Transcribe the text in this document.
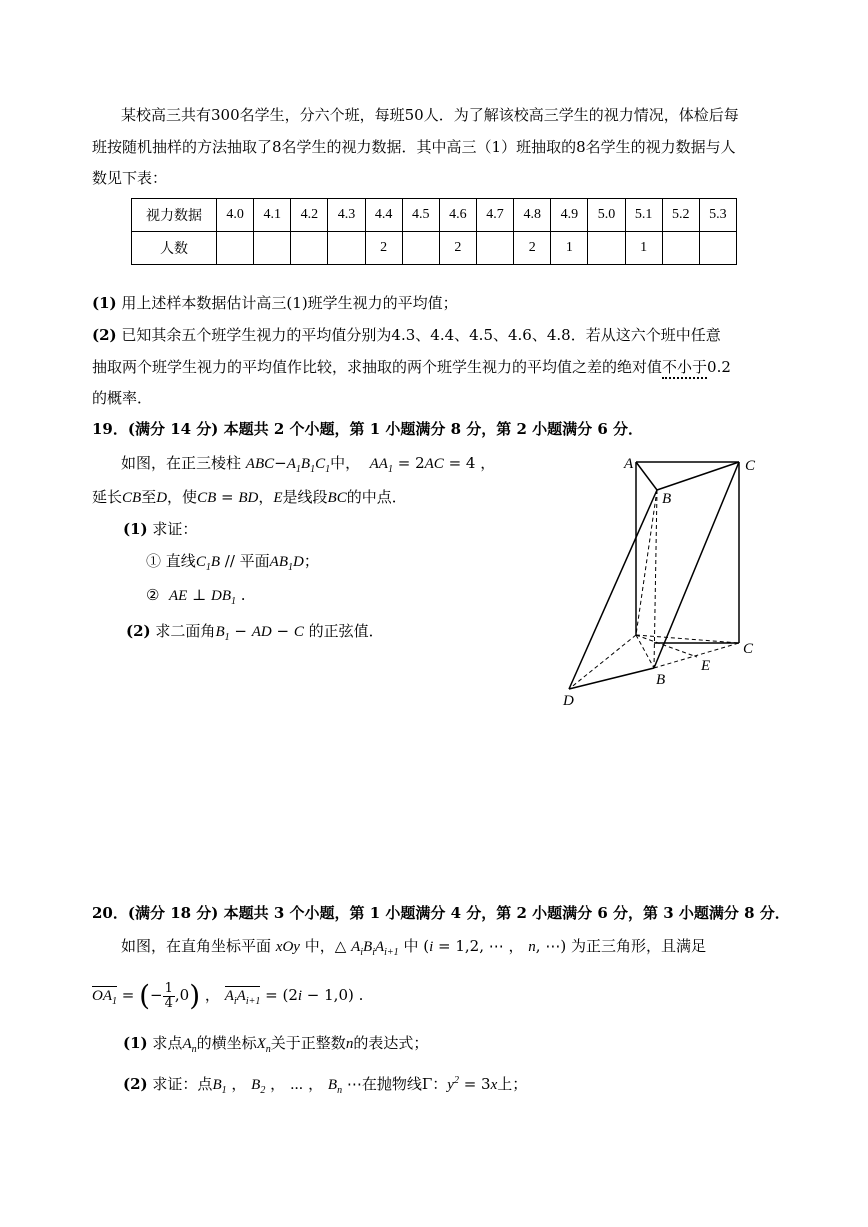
某校高三共有300名学生，分六个班，每班50人．为了解该校高三学生的视力情况，体检后每
班按随机抽样的方法抽取了8名学生的视力数据．其中高三（1）班抽取的8名学生的视力数据与人
数见下表：
视力数据	4.0	4.1	4.2	4.3	4.4	4.5	4.6	4.7	4.8	4.9	5.0	5.1	5.2	5.3
人数					2		2		2	1		1		
(1) 用上述样本数据估计高三(1)班学生视力的平均值；
(2) 已知其余五个班学生视力的平均值分别为4.3、4.4、4.5、4.6、4.8．若从这六个班中任意
抽取两个班学生视力的平均值作比较，求抽取的两个班学生视力的平均值之差的绝对值不小于0.2
的概率．
19．(满分 14 分) 本题共 2 个小题，第 1 小题满分 8 分，第 2 小题满分 6 分．
如图，在正三棱柱 $ABC-A_1B_1C_1$中， $AA_1 = 2AC = 4$ ，
延长CB至D，使CB = BD，E是线段BC的中点．
(1) 求证：
① 直线$C_1B$ // 平面$AB_1D$；
② AE ⊥ $DB_1$ .
(2) 求二面角$B_1$ − AD − C 的正弦值．
A	C
B
C
B
E
D
20．(满分 18 分) 本题共 3 个小题，第 1 小题满分 4 分，第 2 小题满分 6 分，第 3 小题满分 8 分．
如图，在直角坐标平面 xOy 中，△ $A_iB_iA_{i+1}$ 中 (i = 1,2, ⋯ ， n, ⋯) 为正三角形，且满足
$OA_1$ = (− $\frac{1}{4} ,0$) ， $A_iA_{i+1} = (2i - 1,0)$ .
(1) 求点$A_n$的横坐标$X_n$关于正整数n的表达式；
(2) 求证：点$B_1$ ， $B_2$ ， ⋯ ， $B_n$ ⋯在抛物线Γ：$y^2 = 3x$上；
